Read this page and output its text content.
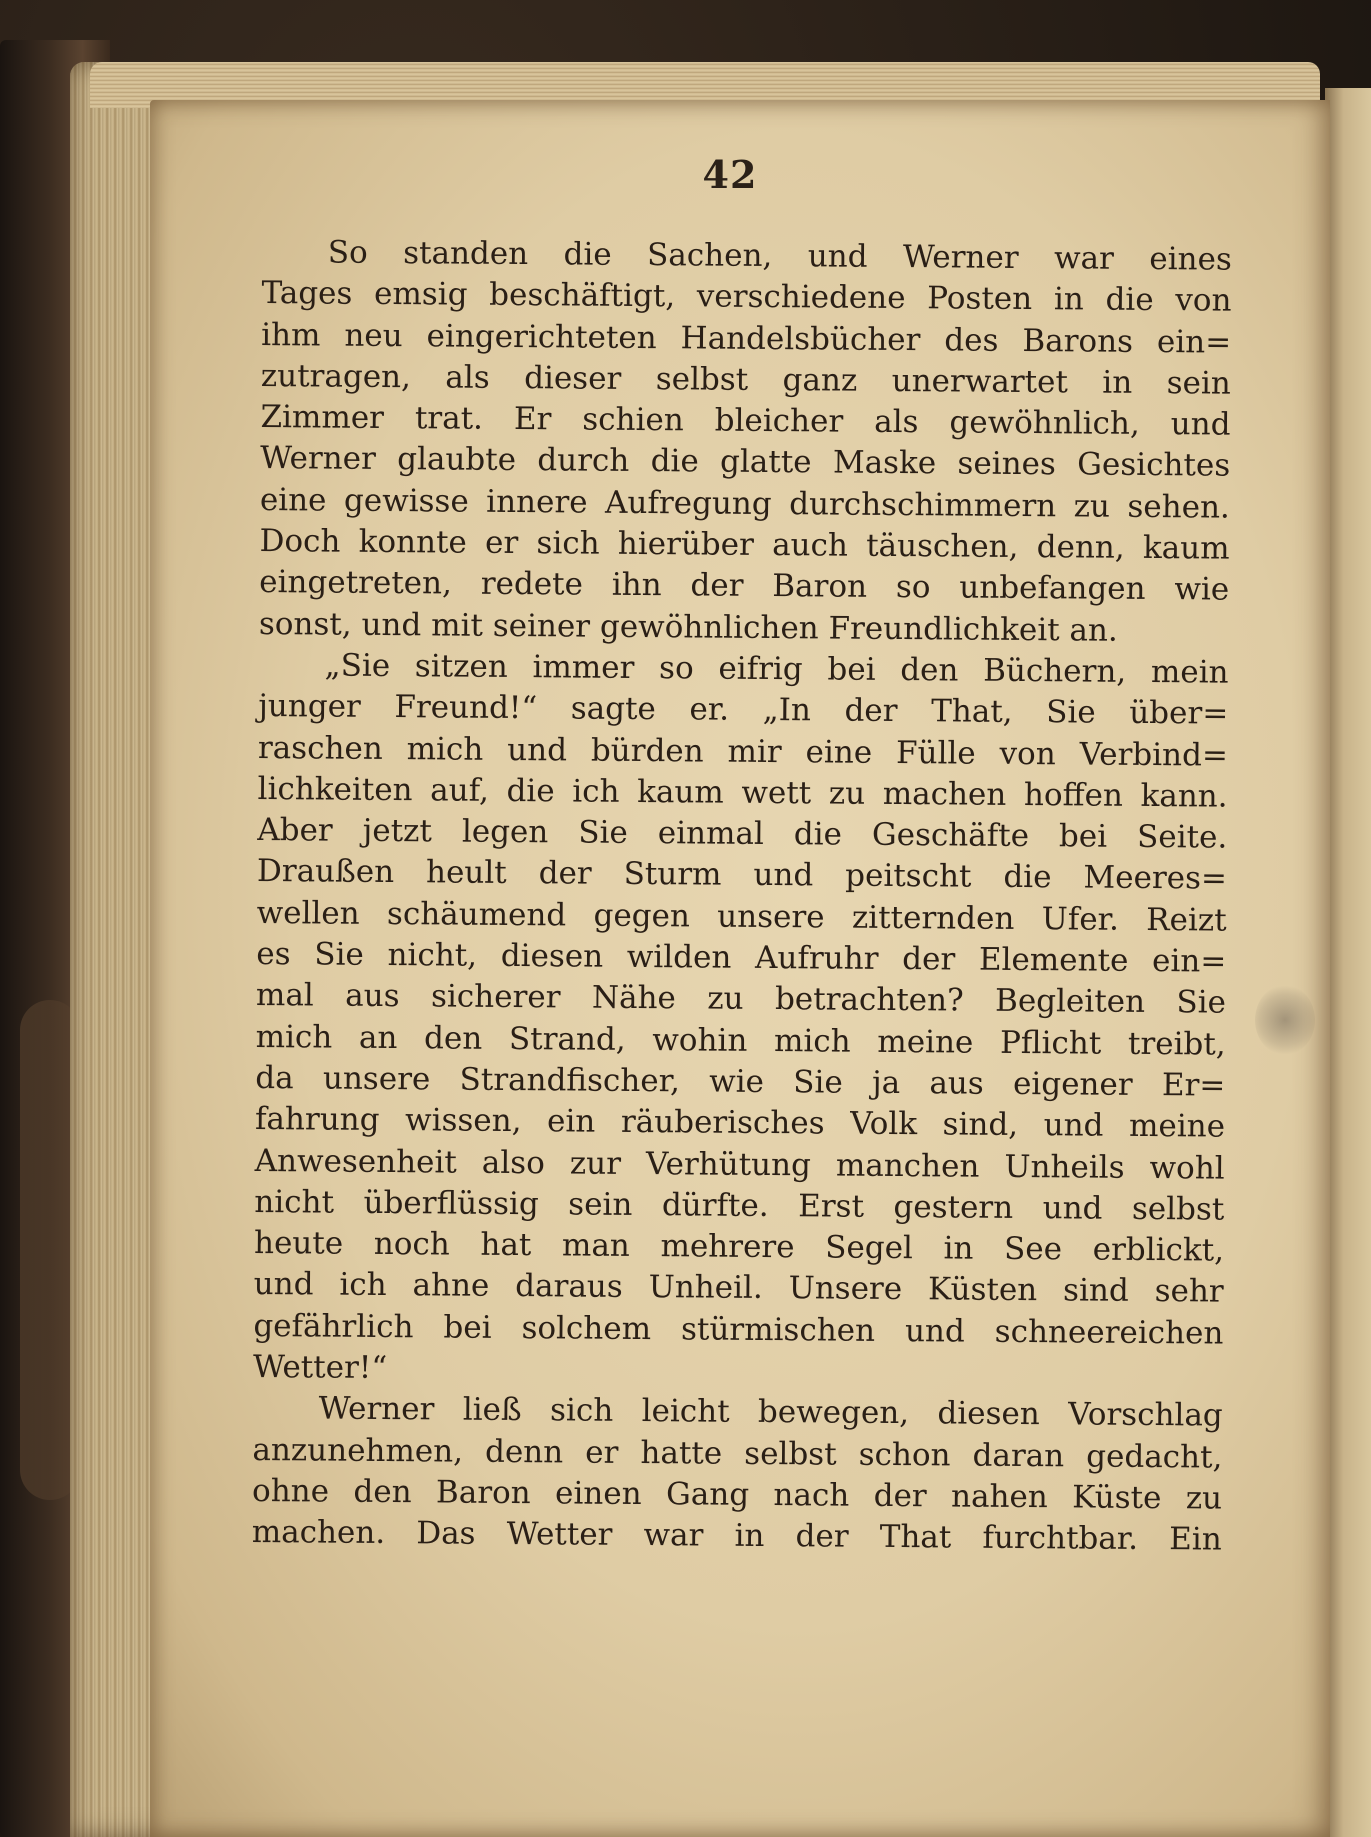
42
So standen die Sachen, und Werner war eines
Tages emsig beschäftigt, verschiedene Posten in die von
ihm neu eingerichteten Handelsbücher des Barons ein=
zutragen, als dieser selbst ganz unerwartet in sein
Zimmer trat. Er schien bleicher als gewöhnlich, und
Werner glaubte durch die glatte Maske seines Gesichtes
eine gewisse innere Aufregung durchschimmern zu sehen.
Doch konnte er sich hierüber auch täuschen, denn, kaum
eingetreten, redete ihn der Baron so unbefangen wie
sonst, und mit seiner gewöhnlichen Freundlichkeit an.
„Sie sitzen immer so eifrig bei den Büchern, mein
junger Freund!“ sagte er. „In der That, Sie über=
raschen mich und bürden mir eine Fülle von Verbind=
lichkeiten auf, die ich kaum wett zu machen hoffen kann.
Aber jetzt legen Sie einmal die Geschäfte bei Seite.
Draußen heult der Sturm und peitscht die Meeres=
wellen schäumend gegen unsere zitternden Ufer. Reizt
es Sie nicht, diesen wilden Aufruhr der Elemente ein=
mal aus sicherer Nähe zu betrachten? Begleiten Sie
mich an den Strand, wohin mich meine Pflicht treibt,
da unsere Strandfischer, wie Sie ja aus eigener Er=
fahrung wissen, ein räuberisches Volk sind, und meine
Anwesenheit also zur Verhütung manchen Unheils wohl
nicht überflüssig sein dürfte. Erst gestern und selbst
heute noch hat man mehrere Segel in See erblickt,
und ich ahne daraus Unheil. Unsere Küsten sind sehr
gefährlich bei solchem stürmischen und schneereichen
Wetter!“
Werner ließ sich leicht bewegen, diesen Vorschlag
anzunehmen, denn er hatte selbst schon daran gedacht,
ohne den Baron einen Gang nach der nahen Küste zu
machen. Das Wetter war in der That furchtbar. Ein
